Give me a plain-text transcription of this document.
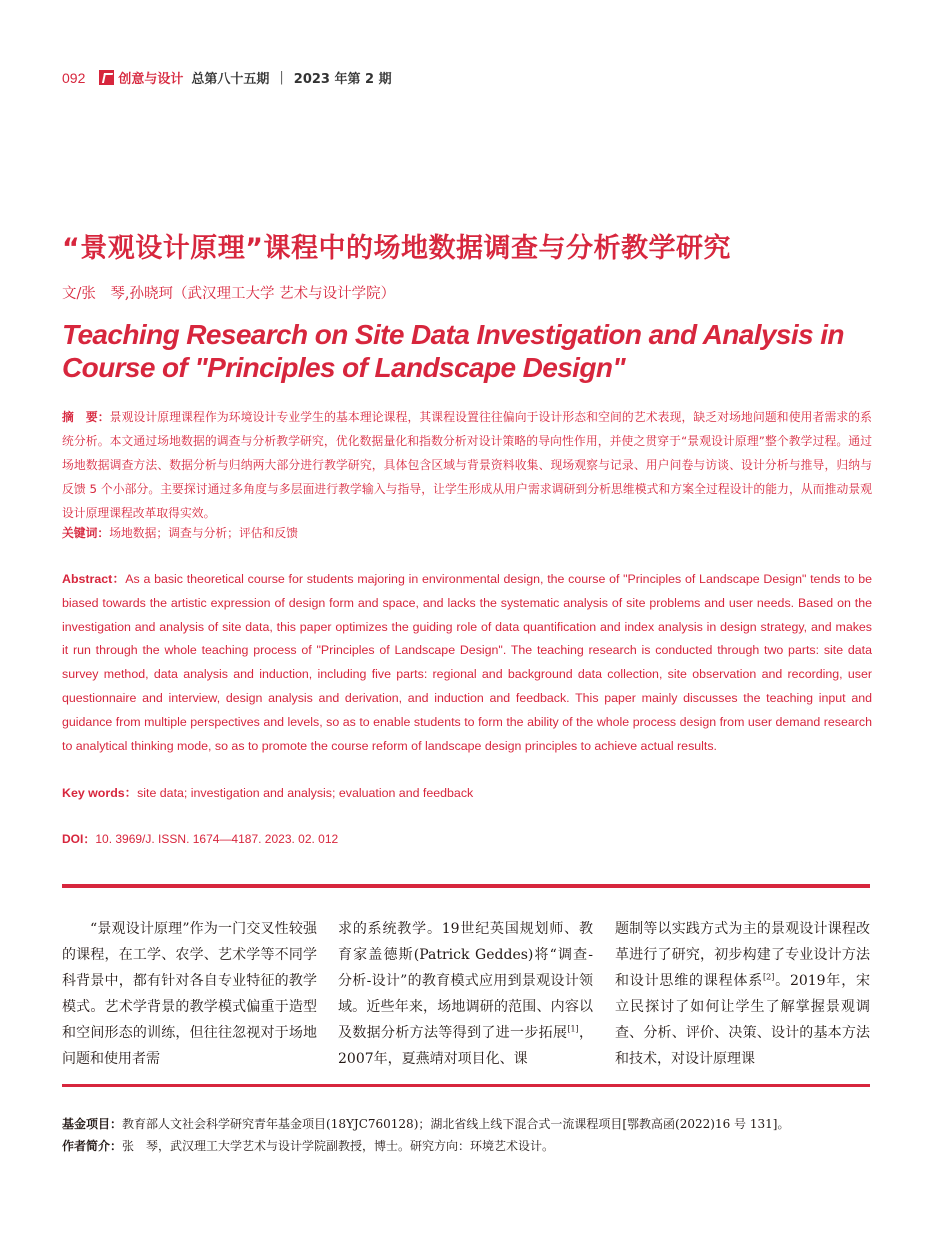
092	创意与设计 总第八十五期 | 2023 年第 2 期
“景观设计原理”课程中的场地数据调查与分析教学研究
文/张　琴,孙晓珂（武汉理工大学 艺术与设计学院）
Teaching Research on Site Data Investigation and Analysis in Course of "Principles of Landscape Design"
摘　要：景观设计原理课程作为环境设计专业学生的基本理论课程，其课程设置往往偏向于设计形态和空间的艺术表现，缺乏对场地问题和使用者需求的系统分析。本文通过场地数据的调查与分析教学研究，优化数据量化和指数分析对设计策略的导向性作用，并使之贯穿于“景观设计原理”整个教学过程。通过场地数据调查方法、数据分析与归纳两大部分进行教学研究，具体包含区域与背景资料收集、现场观察与记录、用户问卷与访谈、设计分析与推导，归纳与反馈 5 个小部分。主要探讨通过多角度与多层面进行教学输入与指导，让学生形成从用户需求调研到分析思维模式和方案全过程设计的能力，从而推动景观设计原理课程改革取得实效。
关键词：场地数据；调查与分析；评估和反馈
Abstract：As a basic theoretical course for students majoring in environmental design, the course of "Principles of Landscape Design" tends to be biased towards the artistic expression of design form and space, and lacks the systematic analysis of site problems and user needs. Based on the investigation and analysis of site data, this paper optimizes the guiding role of data quantification and index analysis in design strategy, and makes it run through the whole teaching process of "Principles of Landscape Design". The teaching research is conducted through two parts: site data survey method, data analysis and induction, including five parts: regional and background data collection, site observation and recording, user questionnaire and interview, design analysis and derivation, and induction and feedback. This paper mainly discusses the teaching input and guidance from multiple perspectives and levels, so as to enable students to form the ability of the whole process design from user demand research to analytical thinking mode, so as to promote the course reform of landscape design principles to achieve actual results.
Key words：site data; investigation and analysis; evaluation and feedback
DOI：10. 3969/J. ISSN. 1674—4187. 2023. 02. 012

“景观设计原理”作为一门交叉性较强的课程，在工学、农学、艺术学等不同学科背景中，都有针对各自专业特征的教学模式。艺术学背景的教学模式偏重于造型和空间形态的训练，但往往忽视对于场地问题和使用者需

求的系统教学。19世纪英国规划师、教育家盖德斯(Patrick Geddes)将“调查-分析-设计”的教育模式应用到景观设计领域。近些年来，场地调研的范围、内容以及数据分析方法等得到了进一步拓展[1]，2007年，夏燕靖对项目化、课

题制等以实践方式为主的景观设计课程改革进行了研究，初步构建了专业设计方法和设计思维的课程体系[2]。2019年，宋立民探讨了如何让学生了解掌握景观调查、分析、评价、决策、设计的基本方法和技术，对设计原理课

基金项目：教育部人文社会科学研究青年基金项目(18YJC760128)；湖北省线上线下混合式一流课程项目[鄂教高函(2022)16 号 131]。
作者简介：张　琴，武汉理工大学艺术与设计学院副教授，博士。研究方向：环境艺术设计。
